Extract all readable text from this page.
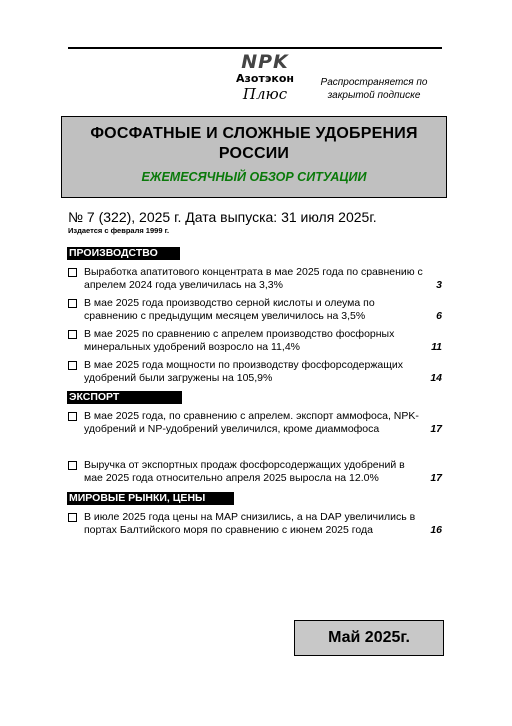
NPK
Азотэкон
Плюс
Распространяется по закрытой подписке
ФОСФАТНЫЕ И СЛОЖНЫЕ УДОБРЕНИЯ РОССИИ
ЕЖЕМЕСЯЧНЫЙ ОБЗОР СИТУАЦИИ
№ 7 (322), 2025 г. Дата выпуска: 31 июля 2025г.
Издается с февраля 1999 г.
ПРОИЗВОДСТВО
Выработка апатитового концентрата в мае 2025 года по сравнению с апрелем 2024 года увеличилась на 3,3%	3
В мае 2025 года производство серной кислоты и олеума по сравнению с предыдущим месяцем увеличилось на 3,5%	6
В мае 2025 по сравнению с апрелем производство фосфорных минеральных удобрений возросло на 11,4%	11
В мае 2025 года мощности по производству фосфорсодержащих удобрений были загружены на 105,9%	14
ЭКСПОРТ
В мае 2025 года, по сравнению с апрелем. экспорт аммофоса, NPK-удобрений и NP-удобрений увеличился, кроме диаммофоса	17
Выручка от экспортных продаж фосфорсодержащих удобрений в мае 2025 года относительно апреля 2025 выросла на 12.0%	17
МИРОВЫЕ РЫНКИ, ЦЕНЫ
В июле 2025 года цены на MAP снизились, а на DAP увеличились в портах Балтийского моря по сравнению с июнем 2025 года	16
Май 2025г.
